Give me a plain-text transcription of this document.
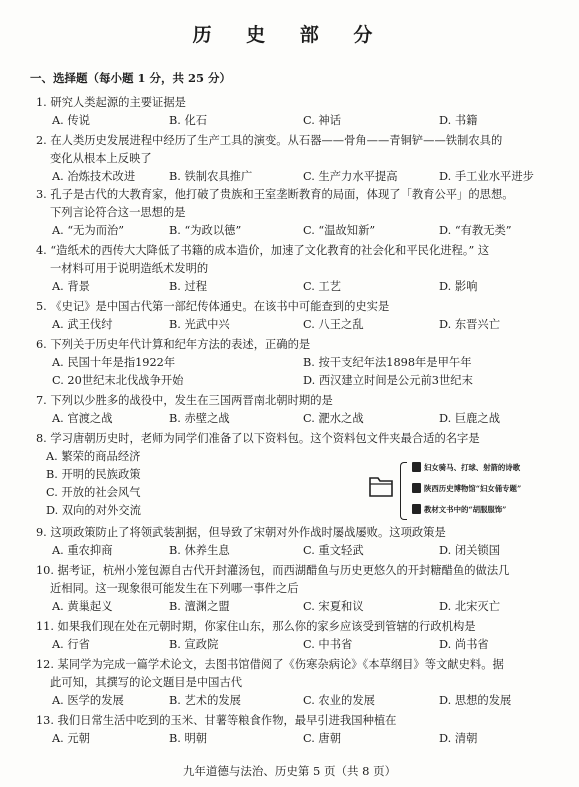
历 史 部 分
一、选择题（每小题 1 分，共 25 分）
1. 研究人类起源的主要证据是
A. 传说	B. 化石	C. 神话	D. 书籍
2. 在人类历史发展进程中经历了生产工具的演变。从石器——骨角——青铜铲——铁制农具的
变化从根本上反映了
A. 冶炼技术改进	B. 铁制农具推广	C. 生产力水平提高	D. 手工业水平进步
3. 孔子是古代的大教育家，他打破了贵族和王室垄断教育的局面，体现了「教育公平」的思想。
下列言论符合这一思想的是
A. “无为而治”	B. “为政以德”	C. “温故知新”	D. “有教无类”
4. “造纸术的西传大大降低了书籍的成本造价，加速了文化教育的社会化和平民化进程。” 这
一材料可用于说明造纸术发明的
A. 背景	B. 过程	C. 工艺	D. 影响
5. 《史记》是中国古代第一部纪传体通史。在该书中可能查到的史实是
A. 武王伐纣	B. 光武中兴	C. 八王之乱	D. 东晋兴亡
6. 下列关于历史年代计算和纪年方法的表述，正确的是
A. 民国十年是指1922年	B. 按干支纪年法1898年是甲午年
C. 20世纪末北伐战争开始	D. 西汉建立时间是公元前3世纪末
7. 下列以少胜多的战役中，发生在三国两晋南北朝时期的是
A. 官渡之战	B. 赤壁之战	C. 淝水之战	D. 巨鹿之战
8. 学习唐朝历史时，老师为同学们准备了以下资料包。这个资料包文件夹最合适的名字是
A. 繁荣的商品经济
B. 开明的民族政策
C. 开放的社会风气
D. 双向的对外交流
妇女骑马、打球、射箭的诗歌
陕西历史博物馆“妇女俑专题”
教材文书中的“胡服服饰”
9. 这项政策防止了将领武装割据，但导致了宋朝对外作战时屡战屡败。这项政策是
A. 重农抑商	B. 休养生息	C. 重文轻武	D. 闭关锁国
10. 据考证，杭州小笼包源自古代开封灌汤包，而西湖醋鱼与历史更悠久的开封糖醋鱼的做法几
近相同。这一现象很可能发生在下列哪一事件之后
A. 黄巢起义	B. 澶渊之盟	C. 宋夏和议	D. 北宋灭亡
11. 如果我们现在处在元朝时期，你家住山东，那么你的家乡应该受到管辖的行政机构是
A. 行省	B. 宣政院	C. 中书省	D. 尚书省
12. 某同学为完成一篇学术论文，去图书馆借阅了《伤寒杂病论》《本草纲目》等文献史料。据
此可知，其撰写的论文题目是中国古代
A. 医学的发展	B. 艺术的发展	C. 农业的发展	D. 思想的发展
13. 我们日常生活中吃到的玉米、甘薯等粮食作物，最早引进我国种植在
A. 元朝	B. 明朝	C. 唐朝	D. 清朝
九年道德与法治、历史第 5 页（共 8 页）
